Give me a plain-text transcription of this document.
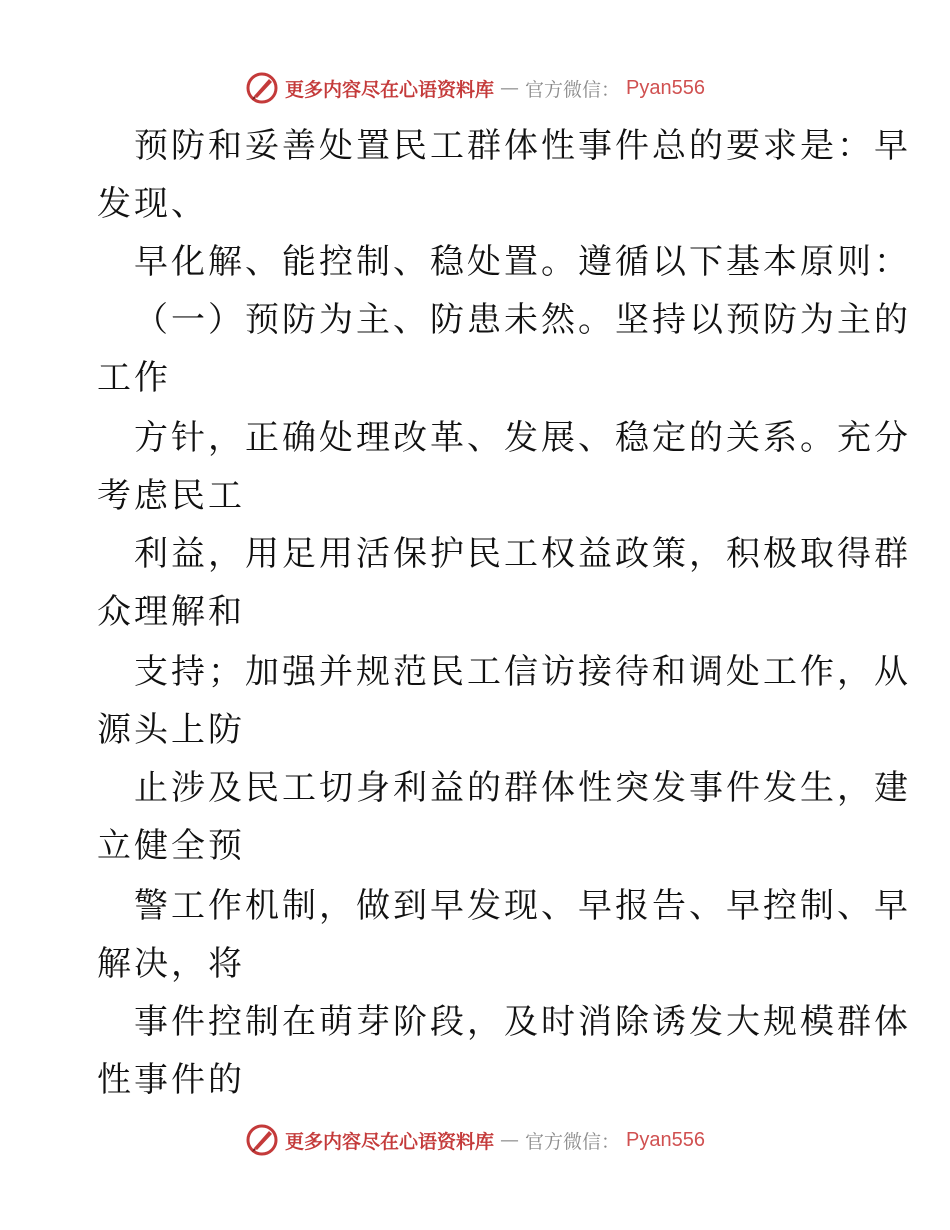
更多内容尽在心语资料库 — 官方微信： Pyan556
预防和妥善处置民工群体性事件总的要求是：早
发现、
早化解、能控制、稳处置。遵循以下基本原则：
（一）预防为主、防患未然。坚持以预防为主的
工作
方针，正确处理改革、发展、稳定的关系。充分
考虑民工
利益，用足用活保护民工权益政策，积极取得群
众理解和
支持；加强并规范民工信访接待和调处工作，从
源头上防
止涉及民工切身利益的群体性突发事件发生，建
立健全预
警工作机制，做到早发现、早报告、早控制、早
解决，将
事件控制在萌芽阶段，及时消除诱发大规模群体
性事件的
更多内容尽在心语资料库 — 官方微信： Pyan556
